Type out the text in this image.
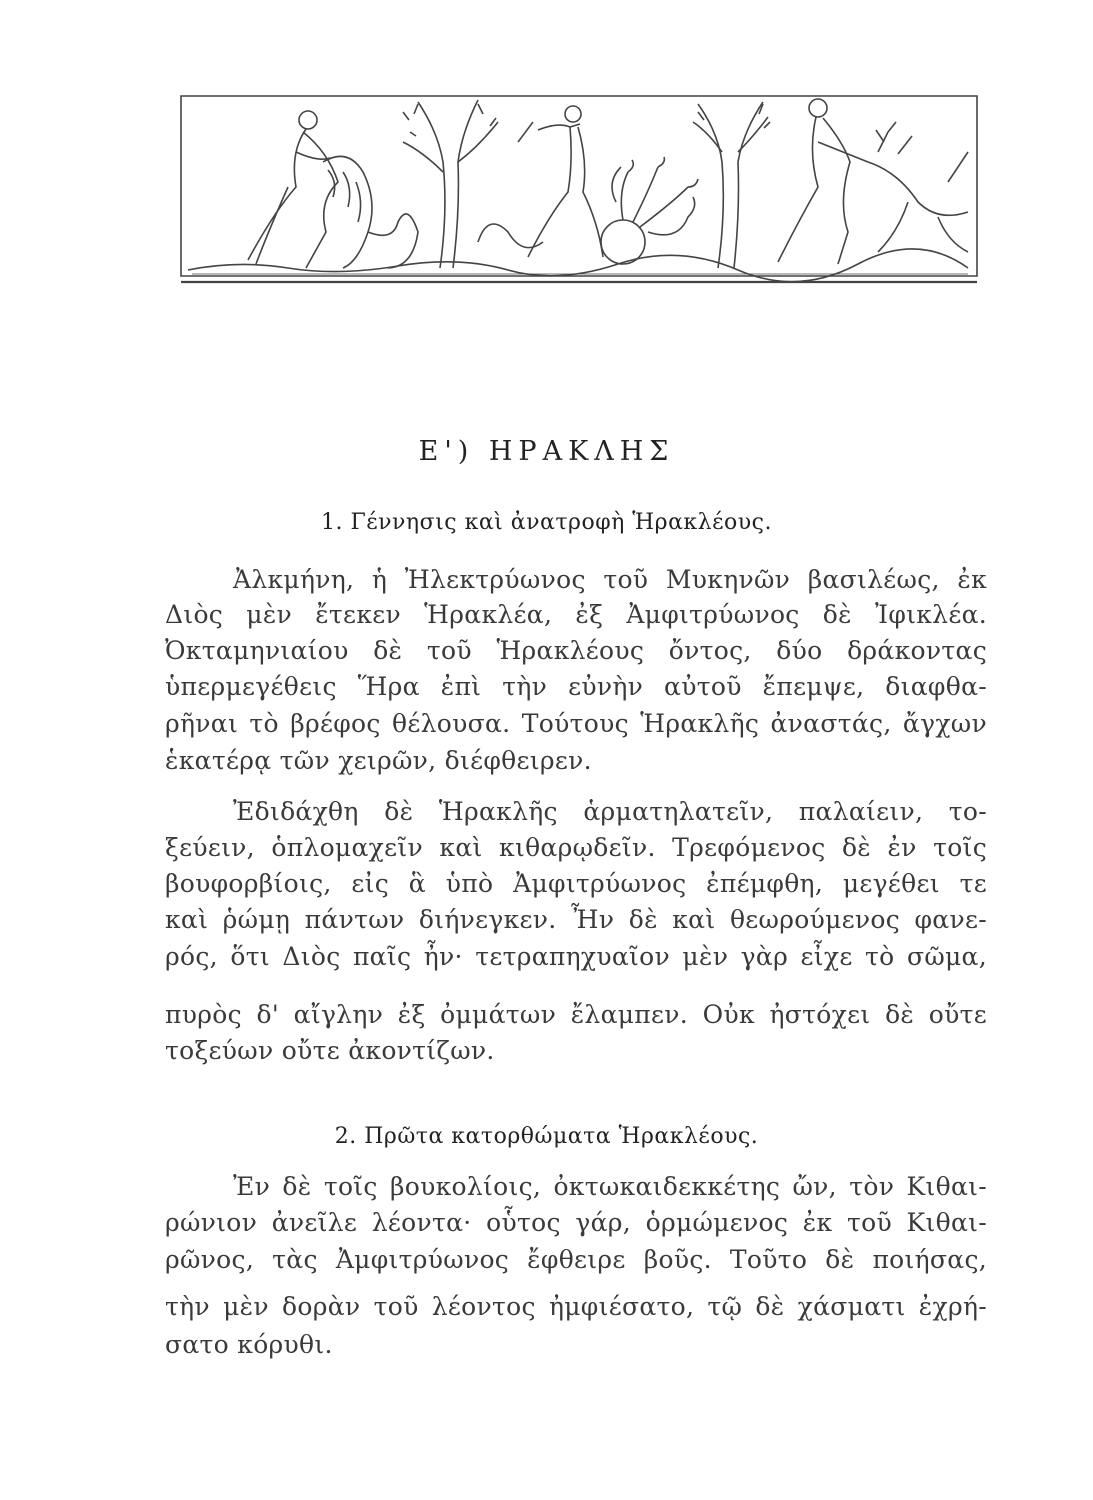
Ε') ΗΡΑΚΛΗΣ
1. Γέννησις καὶ ἀνατροφὴ Ἡρακλέους.
Ἀλκμήνη, ἡ Ἠλεκτρύωνος τοῦ Μυκηνῶν βασιλέως, ἐκ
Διὸς μὲν ἔτεκεν Ἡρακλέα, ἐξ Ἀμφιτρύωνος δὲ Ἰφικλέα.
Ὀκταμηνιαίου δὲ τοῦ Ἡρακλέους ὄντος, δύο δράκοντας
ὑπερμεγέθεις Ἥρα ἐπὶ τὴν εὐνὴν αὐτοῦ ἔπεμψε, διαφθα-
ρῆναι τὸ βρέφος θέλουσα. Τούτους Ἡρακλῆς ἀναστάς, ἄγχων
ἑκατέρᾳ τῶν χειρῶν, διέφθειρεν.
Ἐδιδάχθη δὲ Ἡρακλῆς ἁρματηλατεῖν, παλαίειν, το-
ξεύειν, ὁπλομαχεῖν καὶ κιθαρῳδεῖν. Τρεφόμενος δὲ ἐν τοῖς
βουφορβίοις, εἰς ἃ ὑπὸ Ἀμφιτρύωνος ἐπέμφθη, μεγέθει τε
καὶ ῥώμῃ πάντων διήνεγκεν. Ἦν δὲ καὶ θεωρούμενος φανε-
ρός, ὅτι Διὸς παῖς ἦν· τετραπηχυαῖον μὲν γὰρ εἶχε τὸ σῶμα,
πυρὸς δ' αἴγλην ἐξ ὀμμάτων ἔλαμπεν. Οὐκ ἠστόχει δὲ οὔτε
τοξεύων οὔτε ἀκοντίζων.
2. Πρῶτα κατορθώματα Ἡρακλέους.
Ἐν δὲ τοῖς βουκολίοις, ὀκτωκαιδεκκέτης ὤν, τὸν Κιθαι-
ρώνιον ἀνεῖλε λέοντα· οὗτος γάρ, ὁρμώμενος ἐκ τοῦ Κιθαι-
ρῶνος, τὰς Ἀμφιτρύωνος ἔφθειρε βοῦς. Τοῦτο δὲ ποιήσας,
τὴν μὲν δορὰν τοῦ λέοντος ἠμφιέσατο, τῷ δὲ χάσματι ἐχρή-
σατο κόρυθι.
